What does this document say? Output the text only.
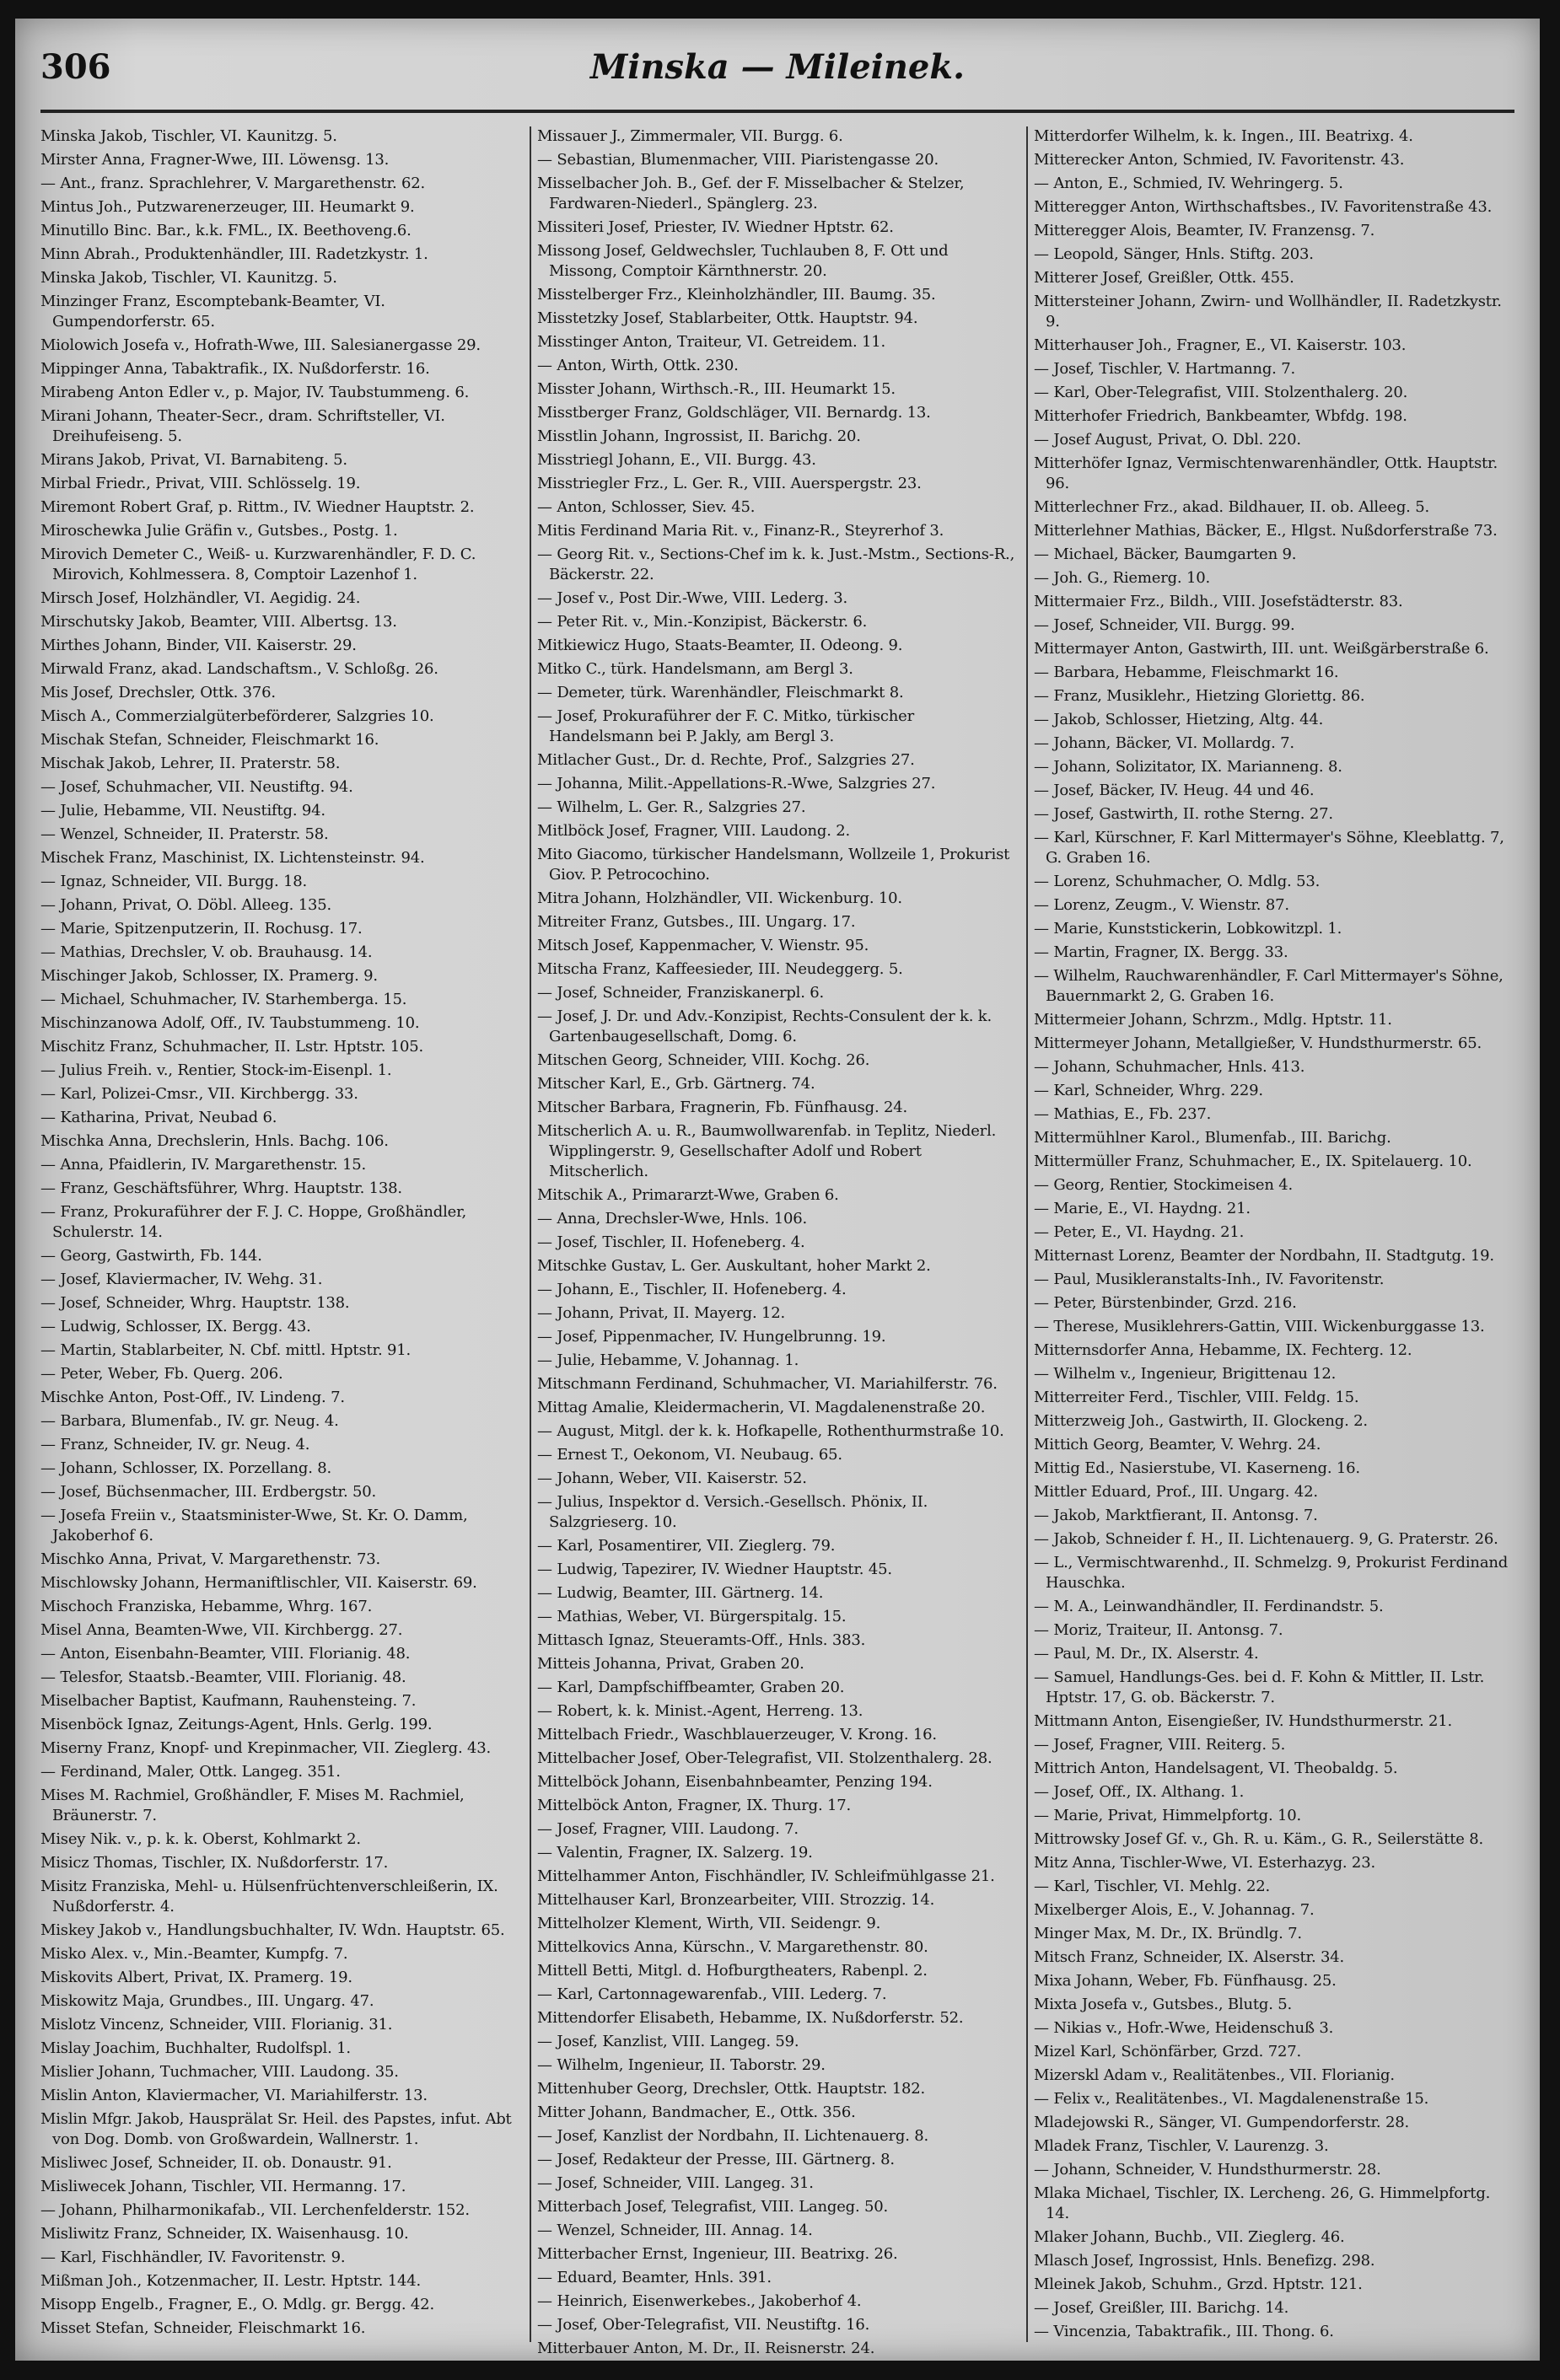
306	Minska — Mileinek.
Minska Jakob, Tischler, VI. Kaunitzg. 5.
Mirster Anna, Fragner-Wwe, III. Löwensg. 13.
— Ant., franz. Sprachlehrer, V. Margarethenstr. 62.
Mintus Joh., Putzwarenerzeuger, III. Heumarkt 9.
Minutillo Binc. Bar., k.k. FML., IX. Beethoveng.6.
Minn Abrah., Produktenhändler, III. Radetzkystr. 1.
Minska Jakob, Tischler, VI. Kaunitzg. 5.
Minzinger Franz, Escomptebank-Beamter, VI. Gumpendorferstr. 65.
Miolowich Josefa v., Hofrath-Wwe, III. Salesianergasse 29.
Mippinger Anna, Tabaktrafik., IX. Nußdorferstr. 16.
Mirabeng Anton Edler v., p. Major, IV. Taubstummeng. 6.
Mirani Johann, Theater-Secr., dram. Schriftsteller, VI. Dreihufeiseng. 5.
Mirans Jakob, Privat, VI. Barnabiteng. 5.
Mirbal Friedr., Privat, VIII. Schlösselg. 19.
Miremont Robert Graf, p. Rittm., IV. Wiedner Hauptstr. 2.
Miroschewka Julie Gräfin v., Gutsbes., Postg. 1.
Mirovich Demeter C., Weiß- u. Kurzwarenhändler, F. D. C. Mirovich, Kohlmessera. 8, Comptoir Lazenhof 1.
Mirsch Josef, Holzhändler, VI. Aegidig. 24.
Mirschutsky Jakob, Beamter, VIII. Albertsg. 13.
Mirthes Johann, Binder, VII. Kaiserstr. 29.
Mirwald Franz, akad. Landschaftsm., V. Schloßg. 26.
Mis Josef, Drechsler, Ottk. 376.
Misch A., Commerzialgüterbeförderer, Salzgries 10.
Mischak Stefan, Schneider, Fleischmarkt 16.
Mischak Jakob, Lehrer, II. Praterstr. 58.
— Josef, Schuhmacher, VII. Neustiftg. 94.
— Julie, Hebamme, VII. Neustiftg. 94.
— Wenzel, Schneider, II. Praterstr. 58.
Mischek Franz, Maschinist, IX. Lichtensteinstr. 94.
— Ignaz, Schneider, VII. Burgg. 18.
— Johann, Privat, O. Döbl. Alleeg. 135.
— Marie, Spitzenputzerin, II. Rochusg. 17.
— Mathias, Drechsler, V. ob. Brauhausg. 14.
Mischinger Jakob, Schlosser, IX. Pramerg. 9.
— Michael, Schuhmacher, IV. Starhemberga. 15.
Mischinzanowa Adolf, Off., IV. Taubstummeng. 10.
Mischitz Franz, Schuhmacher, II. Lstr. Hptstr. 105.
— Julius Freih. v., Rentier, Stock-im-Eisenpl. 1.
— Karl, Polizei-Cmsr., VII. Kirchbergg. 33.
— Katharina, Privat, Neubad 6.
Mischka Anna, Drechslerin, Hnls. Bachg. 106.
— Anna, Pfaidlerin, IV. Margarethenstr. 15.
— Franz, Geschäftsführer, Whrg. Hauptstr. 138.
— Franz, Prokuraführer der F. J. C. Hoppe, Großhändler, Schulerstr. 14.
— Georg, Gastwirth, Fb. 144.
— Josef, Klaviermacher, IV. Wehg. 31.
— Josef, Schneider, Whrg. Hauptstr. 138.
— Ludwig, Schlosser, IX. Bergg. 43.
— Martin, Stablarbeiter, N. Cbf. mittl. Hptstr. 91.
— Peter, Weber, Fb. Querg. 206.
Mischke Anton, Post-Off., IV. Lindeng. 7.
— Barbara, Blumenfab., IV. gr. Neug. 4.
— Franz, Schneider, IV. gr. Neug. 4.
— Johann, Schlosser, IX. Porzellang. 8.
— Josef, Büchsenmacher, III. Erdbergstr. 50.
— Josefa Freiin v., Staatsminister-Wwe, St. Kr. O. Damm, Jakoberhof 6.
Mischko Anna, Privat, V. Margarethenstr. 73.
Mischlowsky Johann, Hermaniftlischler, VII. Kaiserstr. 69.
Mischoch Franziska, Hebamme, Whrg. 167.
Misel Anna, Beamten-Wwe, VII. Kirchbergg. 27.
— Anton, Eisenbahn-Beamter, VIII. Florianig. 48.
— Telesfor, Staatsb.-Beamter, VIII. Florianig. 48.
Miselbacher Baptist, Kaufmann, Rauhensteing. 7.
Misenböck Ignaz, Zeitungs-Agent, Hnls. Gerlg. 199.
Miserny Franz, Knopf- und Krepinmacher, VII. Zieglerg. 43.
— Ferdinand, Maler, Ottk. Langeg. 351.
Mises M. Rachmiel, Großhändler, F. Mises M. Rachmiel, Bräunerstr. 7.
Misey Nik. v., p. k. k. Oberst, Kohlmarkt 2.
Misicz Thomas, Tischler, IX. Nußdorferstr. 17.
Misitz Franziska, Mehl- u. Hülsenfrüchtenverschleißerin, IX. Nußdorferstr. 4.
Miskey Jakob v., Handlungsbuchhalter, IV. Wdn. Hauptstr. 65.
Misko Alex. v., Min.-Beamter, Kumpfg. 7.
Miskovits Albert, Privat, IX. Pramerg. 19.
Miskowitz Maja, Grundbes., III. Ungarg. 47.
Mislotz Vincenz, Schneider, VIII. Florianig. 31.
Mislay Joachim, Buchhalter, Rudolfspl. 1.
Mislier Johann, Tuchmacher, VIII. Laudong. 35.
Mislin Anton, Klaviermacher, VI. Mariahilferstr. 13.
Mislin Mfgr. Jakob, Hausprälat Sr. Heil. des Papstes, infut. Abt von Dog. Domb. von Großwardein, Wallnerstr. 1.
Misliwec Josef, Schneider, II. ob. Donaustr. 91.
Misliwecek Johann, Tischler, VII. Hermanng. 17.
— Johann, Philharmonikafab., VII. Lerchenfelderstr. 152.
Misliwitz Franz, Schneider, IX. Waisenhausg. 10.
— Karl, Fischhändler, IV. Favoritenstr. 9.
Mißman Joh., Kotzenmacher, II. Lestr. Hptstr. 144.
Misopp Engelb., Fragner, E., O. Mdlg. gr. Bergg. 42.
Misset Stefan, Schneider, Fleischmarkt 16.
Missauer J., Zimmermaler, VII. Burgg. 6.
— Sebastian, Blumenmacher, VIII. Piaristengasse 20.
Misselbacher Joh. B., Gef. der F. Misselbacher & Stelzer, Fardwaren-Niederl., Spänglerg. 23.
Missiteri Josef, Priester, IV. Wiedner Hptstr. 62.
Missong Josef, Geldwechsler, Tuchlauben 8, F. Ott und Missong, Comptoir Kärnthnerstr. 20.
Misstelberger Frz., Kleinholzhändler, III. Baumg. 35.
Misstetzky Josef, Stablarbeiter, Ottk. Hauptstr. 94.
Misstinger Anton, Traiteur, VI. Getreidem. 11.
— Anton, Wirth, Ottk. 230.
Misster Johann, Wirthsch.-R., III. Heumarkt 15.
Misstberger Franz, Goldschläger, VII. Bernardg. 13.
Misstlin Johann, Ingrossist, II. Barichg. 20.
Misstriegl Johann, E., VII. Burgg. 43.
Misstriegler Frz., L. Ger. R., VIII. Auerspergstr. 23.
— Anton, Schlosser, Siev. 45.
Mitis Ferdinand Maria Rit. v., Finanz-R., Steyrerhof 3.
— Georg Rit. v., Sections-Chef im k. k. Just.-Mstm., Sections-R., Bäckerstr. 22.
— Josef v., Post Dir.-Wwe, VIII. Lederg. 3.
— Peter Rit. v., Min.-Konzipist, Bäckerstr. 6.
Mitkiewicz Hugo, Staats-Beamter, II. Odeong. 9.
Mitko C., türk. Handelsmann, am Bergl 3.
— Demeter, türk. Warenhändler, Fleischmarkt 8.
— Josef, Prokuraführer der F. C. Mitko, türkischer Handelsmann bei P. Jakly, am Bergl 3.
Mitlacher Gust., Dr. d. Rechte, Prof., Salzgries 27.
— Johanna, Milit.-Appellations-R.-Wwe, Salzgries 27.
— Wilhelm, L. Ger. R., Salzgries 27.
Mitlböck Josef, Fragner, VIII. Laudong. 2.
Mito Giacomo, türkischer Handelsmann, Wollzeile 1, Prokurist Giov. P. Petrocochino.
Mitra Johann, Holzhändler, VII. Wickenburg. 10.
Mitreiter Franz, Gutsbes., III. Ungarg. 17.
Mitsch Josef, Kappenmacher, V. Wienstr. 95.
Mitscha Franz, Kaffeesieder, III. Neudeggerg. 5.
— Josef, Schneider, Franziskanerpl. 6.
— Josef, J. Dr. und Adv.-Konzipist, Rechts-Consulent der k. k. Gartenbaugesellschaft, Domg. 6.
Mitschen Georg, Schneider, VIII. Kochg. 26.
Mitscher Karl, E., Grb. Gärtnerg. 74.
Mitscher Barbara, Fragnerin, Fb. Fünfhausg. 24.
Mitscherlich A. u. R., Baumwollwarenfab. in Teplitz, Niederl. Wipplingerstr. 9, Gesellschafter Adolf und Robert Mitscherlich.
Mitschik A., Primararzt-Wwe, Graben 6.
— Anna, Drechsler-Wwe, Hnls. 106.
— Josef, Tischler, II. Hofeneberg. 4.
Mitschke Gustav, L. Ger. Auskultant, hoher Markt 2.
— Johann, E., Tischler, II. Hofeneberg. 4.
— Johann, Privat, II. Mayerg. 12.
— Josef, Pippenmacher, IV. Hungelbrunng. 19.
— Julie, Hebamme, V. Johannag. 1.
Mitschmann Ferdinand, Schuhmacher, VI. Mariahilferstr. 76.
Mittag Amalie, Kleidermacherin, VI. Magdalenenstraße 20.
— August, Mitgl. der k. k. Hofkapelle, Rothenthurmstraße 10.
— Ernest T., Oekonom, VI. Neubaug. 65.
— Johann, Weber, VII. Kaiserstr. 52.
— Julius, Inspektor d. Versich.-Gesellsch. Phönix, II. Salzgrieserg. 10.
— Karl, Posamentirer, VII. Zieglerg. 79.
— Ludwig, Tapezirer, IV. Wiedner Hauptstr. 45.
— Ludwig, Beamter, III. Gärtnerg. 14.
— Mathias, Weber, VI. Bürgerspitalg. 15.
Mittasch Ignaz, Steueramts-Off., Hnls. 383.
Mitteis Johanna, Privat, Graben 20.
— Karl, Dampfschiffbeamter, Graben 20.
— Robert, k. k. Minist.-Agent, Herreng. 13.
Mittelbach Friedr., Waschblauerzeuger, V. Krong. 16.
Mittelbacher Josef, Ober-Telegrafist, VII. Stolzenthalerg. 28.
Mittelböck Johann, Eisenbahnbeamter, Penzing 194.
Mittelböck Anton, Fragner, IX. Thurg. 17.
— Josef, Fragner, VIII. Laudong. 7.
— Valentin, Fragner, IX. Salzerg. 19.
Mittelhammer Anton, Fischhändler, IV. Schleifmühlgasse 21.
Mittelhauser Karl, Bronzearbeiter, VIII. Strozzig. 14.
Mittelholzer Klement, Wirth, VII. Seidengr. 9.
Mittelkovics Anna, Kürschn., V. Margarethenstr. 80.
Mittell Betti, Mitgl. d. Hofburgtheaters, Rabenpl. 2.
— Karl, Cartonnagewarenfab., VIII. Lederg. 7.
Mittendorfer Elisabeth, Hebamme, IX. Nußdorferstr. 52.
— Josef, Kanzlist, VIII. Langeg. 59.
— Wilhelm, Ingenieur, II. Taborstr. 29.
Mittenhuber Georg, Drechsler, Ottk. Hauptstr. 182.
Mitter Johann, Bandmacher, E., Ottk. 356.
— Josef, Kanzlist der Nordbahn, II. Lichtenauerg. 8.
— Josef, Redakteur der Presse, III. Gärtnerg. 8.
— Josef, Schneider, VIII. Langeg. 31.
Mitterbach Josef, Telegrafist, VIII. Langeg. 50.
— Wenzel, Schneider, III. Annag. 14.
Mitterbacher Ernst, Ingenieur, III. Beatrixg. 26.
— Eduard, Beamter, Hnls. 391.
— Heinrich, Eisenwerkebes., Jakoberhof 4.
— Josef, Ober-Telegrafist, VII. Neustiftg. 16.
Mitterbauer Anton, M. Dr., II. Reisnerstr. 24.
Mitterdorfer Wilhelm, k. k. Ingen., III. Beatrixg. 4.
Mitterecker Anton, Schmied, IV. Favoritenstr. 43.
— Anton, E., Schmied, IV. Wehringerg. 5.
Mitteregger Anton, Wirthschaftsbes., IV. Favoritenstraße 43.
Mitteregger Alois, Beamter, IV. Franzensg. 7.
— Leopold, Sänger, Hnls. Stiftg. 203.
Mitterer Josef, Greißler, Ottk. 455.
Mittersteiner Johann, Zwirn- und Wollhändler, II. Radetzkystr. 9.
Mitterhauser Joh., Fragner, E., VI. Kaiserstr. 103.
— Josef, Tischler, V. Hartmanng. 7.
— Karl, Ober-Telegrafist, VIII. Stolzenthalerg. 20.
Mitterhofer Friedrich, Bankbeamter, Wbfdg. 198.
— Josef August, Privat, O. Dbl. 220.
Mitterhöfer Ignaz, Vermischtenwarenhändler, Ottk. Hauptstr. 96.
Mitterlechner Frz., akad. Bildhauer, II. ob. Alleeg. 5.
Mitterlehner Mathias, Bäcker, E., Hlgst. Nußdorferstraße 73.
— Michael, Bäcker, Baumgarten 9.
— Joh. G., Riemerg. 10.
Mittermaier Frz., Bildh., VIII. Josefstädterstr. 83.
— Josef, Schneider, VII. Burgg. 99.
Mittermayer Anton, Gastwirth, III. unt. Weißgärberstraße 6.
— Barbara, Hebamme, Fleischmarkt 16.
— Franz, Musiklehr., Hietzing Gloriettg. 86.
— Jakob, Schlosser, Hietzing, Altg. 44.
— Johann, Bäcker, VI. Mollardg. 7.
— Johann, Solizitator, IX. Marianneng. 8.
— Josef, Bäcker, IV. Heug. 44 und 46.
— Josef, Gastwirth, II. rothe Sterng. 27.
— Karl, Kürschner, F. Karl Mittermayer's Söhne, Kleeblattg. 7, G. Graben 16.
— Lorenz, Schuhmacher, O. Mdlg. 53.
— Lorenz, Zeugm., V. Wienstr. 87.
— Marie, Kunststickerin, Lobkowitzpl. 1.
— Martin, Fragner, IX. Bergg. 33.
— Wilhelm, Rauchwarenhändler, F. Carl Mittermayer's Söhne, Bauernmarkt 2, G. Graben 16.
Mittermeier Johann, Schrzm., Mdlg. Hptstr. 11.
Mittermeyer Johann, Metallgießer, V. Hundsthurmerstr. 65.
— Johann, Schuhmacher, Hnls. 413.
— Karl, Schneider, Whrg. 229.
— Mathias, E., Fb. 237.
Mittermühlner Karol., Blumenfab., III. Barichg.
Mittermüller Franz, Schuhmacher, E., IX. Spitelauerg. 10.
— Georg, Rentier, Stockimeisen 4.
— Marie, E., VI. Haydng. 21.
— Peter, E., VI. Haydng. 21.
Mitternast Lorenz, Beamter der Nordbahn, II. Stadtgutg. 19.
— Paul, Musikleranstalts-Inh., IV. Favoritenstr.
— Peter, Bürstenbinder, Grzd. 216.
— Therese, Musiklehrers-Gattin, VIII. Wickenburggasse 13.
Mitternsdorfer Anna, Hebamme, IX. Fechterg. 12.
— Wilhelm v., Ingenieur, Brigittenau 12.
Mitterreiter Ferd., Tischler, VIII. Feldg. 15.
Mitterzweig Joh., Gastwirth, II. Glockeng. 2.
Mittich Georg, Beamter, V. Wehrg. 24.
Mittig Ed., Nasierstube, VI. Kaserneng. 16.
Mittler Eduard, Prof., III. Ungarg. 42.
— Jakob, Marktfierant, II. Antonsg. 7.
— Jakob, Schneider f. H., II. Lichtenauerg. 9, G. Praterstr. 26.
— L., Vermischtwarenhd., II. Schmelzg. 9, Prokurist Ferdinand Hauschka.
— M. A., Leinwandhändler, II. Ferdinandstr. 5.
— Moriz, Traiteur, II. Antonsg. 7.
— Paul, M. Dr., IX. Alserstr. 4.
— Samuel, Handlungs-Ges. bei d. F. Kohn & Mittler, II. Lstr. Hptstr. 17, G. ob. Bäckerstr. 7.
Mittmann Anton, Eisengießer, IV. Hundsthurmerstr. 21.
— Josef, Fragner, VIII. Reiterg. 5.
Mittrich Anton, Handelsagent, VI. Theobaldg. 5.
— Josef, Off., IX. Althang. 1.
— Marie, Privat, Himmelpfortg. 10.
Mittrowsky Josef Gf. v., Gh. R. u. Käm., G. R., Seilerstätte 8.
Mitz Anna, Tischler-Wwe, VI. Esterhazyg. 23.
— Karl, Tischler, VI. Mehlg. 22.
Mixelberger Alois, E., V. Johannag. 7.
Minger Max, M. Dr., IX. Bründlg. 7.
Mitsch Franz, Schneider, IX. Alserstr. 34.
Mixa Johann, Weber, Fb. Fünfhausg. 25.
Mixta Josefa v., Gutsbes., Blutg. 5.
— Nikias v., Hofr.-Wwe, Heidenschuß 3.
Mizel Karl, Schönfärber, Grzd. 727.
Mizerskl Adam v., Realitätenbes., VII. Florianig.
— Felix v., Realitätenbes., VI. Magdalenenstraße 15.
Mladejowski R., Sänger, VI. Gumpendorferstr. 28.
Mladek Franz, Tischler, V. Laurenzg. 3.
— Johann, Schneider, V. Hundsthurmerstr. 28.
Mlaka Michael, Tischler, IX. Lercheng. 26, G. Himmelpfortg. 14.
Mlaker Johann, Buchb., VII. Zieglerg. 46.
Mlasch Josef, Ingrossist, Hnls. Benefizg. 298.
Mleinek Jakob, Schuhm., Grzd. Hptstr. 121.
— Josef, Greißler, III. Barichg. 14.
— Vincenzia, Tabaktrafik., III. Thong. 6.
